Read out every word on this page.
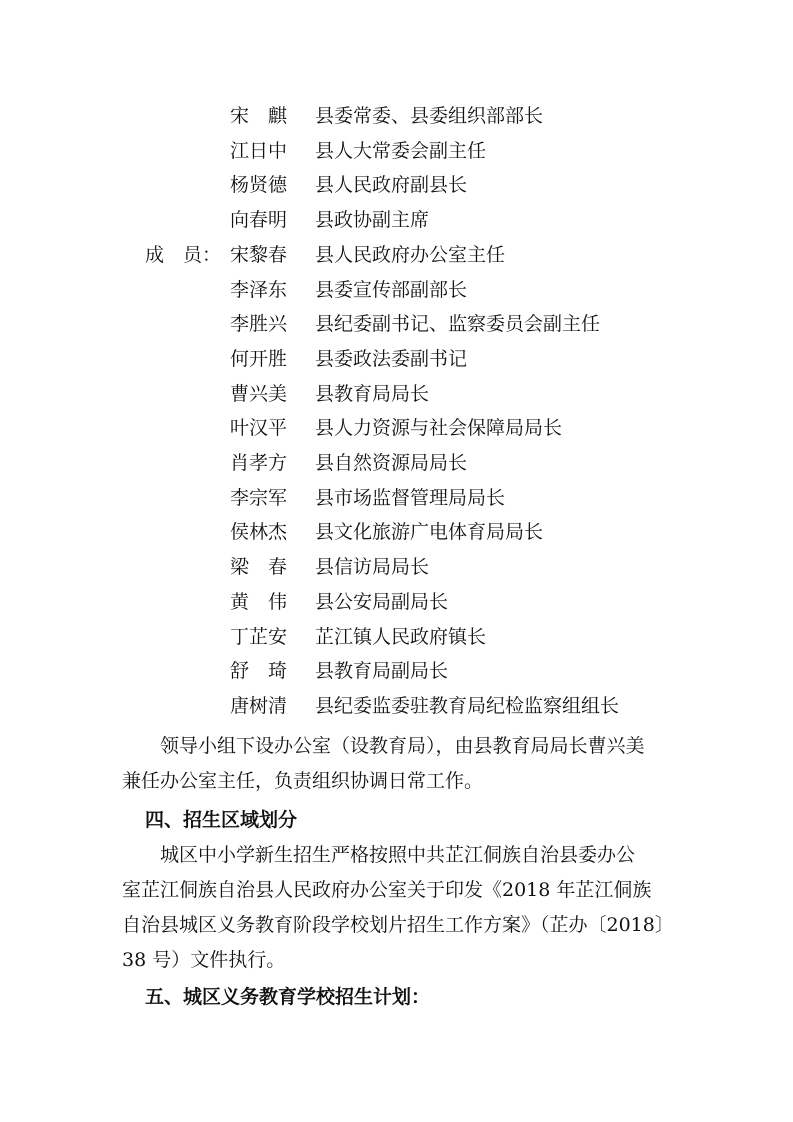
宋　麒	县委常委、县委组织部部长
江日中	县人大常委会副主任
杨贤德	县人民政府副县长
向春明	县政协副主席
成　员： 宋黎春	县人民政府办公室主任
李泽东	县委宣传部副部长
李胜兴	县纪委副书记、监察委员会副主任
何开胜	县委政法委副书记
曹兴美	县教育局局长
叶汉平	县人力资源与社会保障局局长
肖孝方	县自然资源局局长
李宗军	县市场监督管理局局长
侯林杰	县文化旅游广电体育局局长
梁　春	县信访局局长
黄　伟	县公安局副局长
丁芷安	芷江镇人民政府镇长
舒　琦	县教育局副局长
唐树清	县纪委监委驻教育局纪检监察组组长
　　领导小组下设办公室（设教育局），由县教育局局长曹兴美
兼任办公室主任，负责组织协调日常工作。
四、招生区域划分
　　城区中小学新生招生严格按照中共芷江侗族自治县委办公
室芷江侗族自治县人民政府办公室关于印发《2018 年芷江侗族
自治县城区义务教育阶段学校划片招生工作方案》（芷办〔2018〕
38 号）文件执行。
五、城区义务教育学校招生计划：
